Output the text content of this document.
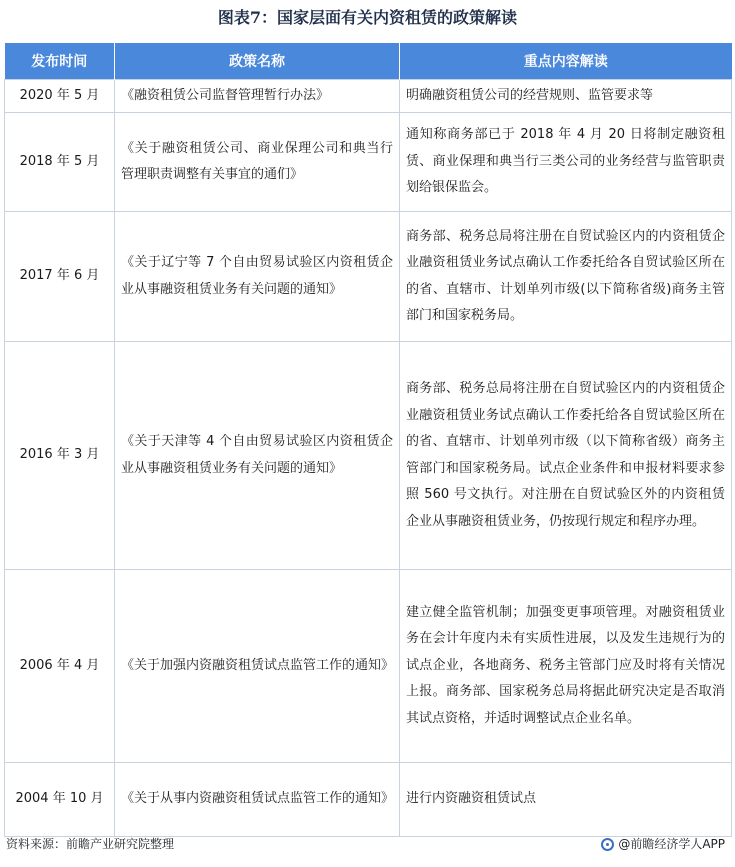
图表7：国家层面有关内资租赁的政策解读
发布时间	政策名称	重点内容解读
2020 年 5 月	《融资租赁公司监督管理暂行办法》	明确融资租赁公司的经营规则、监管要求等
2018 年 5 月	《关于融资租赁公司、商业保理公司和典当行管理职责调整有关事宜的通们》	通知称商务部已于 2018 年 4 月 20 日将制定融资租赁、商业保理和典当行三类公司的业务经营与监管职责划给银保监会。
2017 年 6 月	《关于辽宁等 7 个自由贸易试验区内资租赁企业从事融资租赁业务有关问题的通知》	商务部、税务总局将注册在自贸试验区内的内资租赁企业融资租赁业务试点确认工作委托给各自贸试验区所在的省、直辖市、计划单列市级(以下简称省级)商务主管部门和国家税务局。
2016 年 3 月	《关于天津等 4 个自由贸易试验区内资租赁企业从事融资租赁业务有关问题的通知》	商务部、税务总局将注册在自贸试验区内的内资租赁企业融资租赁业务试点确认工作委托给各自贸试验区所在的省、直辖市、计划单列市级（以下简称省级）商务主管部门和国家税务局。试点企业条件和申报材料要求参照 560 号文执行。对注册在自贸试验区外的内资租赁企业从事融资租赁业务，仍按现行规定和程序办理。
2006 年 4 月	《关于加强内资融资租赁试点监管工作的通知》	建立健全监管机制；加强变更事项管理。对融资租赁业务在会计年度内未有实质性进展，以及发生违规行为的试点企业，各地商务、税务主管部门应及时将有关情况上报。商务部、国家税务总局将据此研究决定是否取消其试点资格，并适时调整试点企业名单。
2004 年 10 月	《关于从事内资融资租赁试点监管工作的通知》	进行内资融资租赁试点
资料来源：前瞻产业研究院整理	@前瞻经济学人APP
